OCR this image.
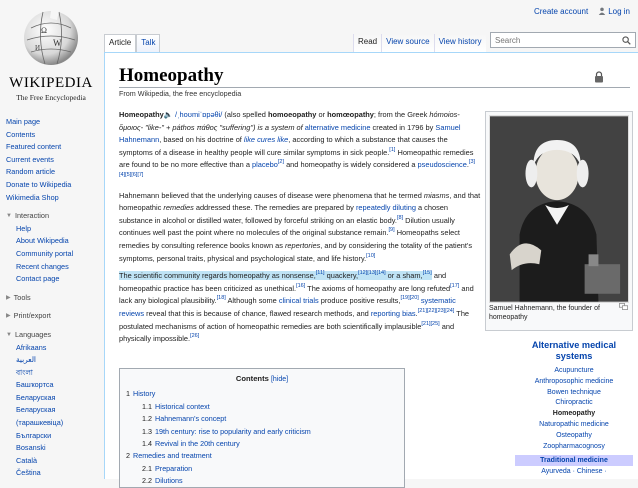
Create account	Log in
Ω
W
И
WIKIPEDIA
The Free Encyclopedia
Article	Talk	Read	View source	View history
Search
Main page
Contents
Featured content
Current events
Random article
Donate to Wikipedia
Wikimedia Shop
▼ Interaction
Help
About Wikipedia
Community portal
Recent changes
Contact page
▶ Tools
▶ Print/export
▼ Languages
Afrikaans
العربية
বাংলা
Башҡортса
Беларуская
Беларуская
(тарашкевіца)
Български
Bosanski
Català
Čeština
Homeopathy
From Wikipedia, the free encyclopedia

Homeopathy🔈 /ˌhoʊmiˈɒpəθi/ (also spelled homoeopathy or homœopathy; from the Greek hómoios- ὅμοιος- "like-" + páthos πάθος "suffering") is a system of alternative medicine created in 1796 by Samuel Hahnemann, based on his doctrine of like cures like, according to which a substance that causes the symptoms of a disease in healthy people will cure similar symptoms in sick people.[1] Homeopathic remedies are found to be no more effective than a placebo[2] and homeopathy is widely considered a pseudoscience.[3][4][5][6][7]

Hahnemann believed that the underlying causes of disease were phenomena that he termed miasms, and that homeopathic remedies addressed these. The remedies are prepared by repeatedly diluting a chosen substance in alcohol or distilled water, followed by forceful striking on an elastic body.[8] Dilution usually continues well past the point where no molecules of the original substance remain.[9] Homeopaths select remedies by consulting reference books known as repertories, and by considering the totality of the patient's symptoms, personal traits, physical and psychological state, and life history.[10]

The scientific community regards homeopathy as nonsense,[11] quackery,[12][13][14] or a sham,[15] and homeopathic practice has been criticized as unethical.[16] The axioms of homeopathy are long refuted[17] and lack any biological plausibility.[18] Although some clinical trials produce positive results,[19][20] systematic reviews reveal that this is because of chance, flawed research methods, and reporting bias.[21][22][23][24] The postulated mechanisms of action of homeopathic remedies are both scientifically implausible[21][25] and physically impossible.[26]

Samuel Hahnemann, the founder of homeopathy
Alternative medical systems
Acupuncture
Anthroposophic medicine
Bowen technique
Chiropractic
Homeopathy
Naturopathic medicine
Osteopathy
Zoopharmacognosy
Traditional medicine
Ayurveda · Chinese ·
Contents [hide]
1 History
1.1 Historical context
1.2 Hahnemann's concept
1.3 19th century: rise to popularity and early criticism
1.4 Revival in the 20th century
2 Remedies and treatment
2.1 Preparation
2.2 Dilutions
